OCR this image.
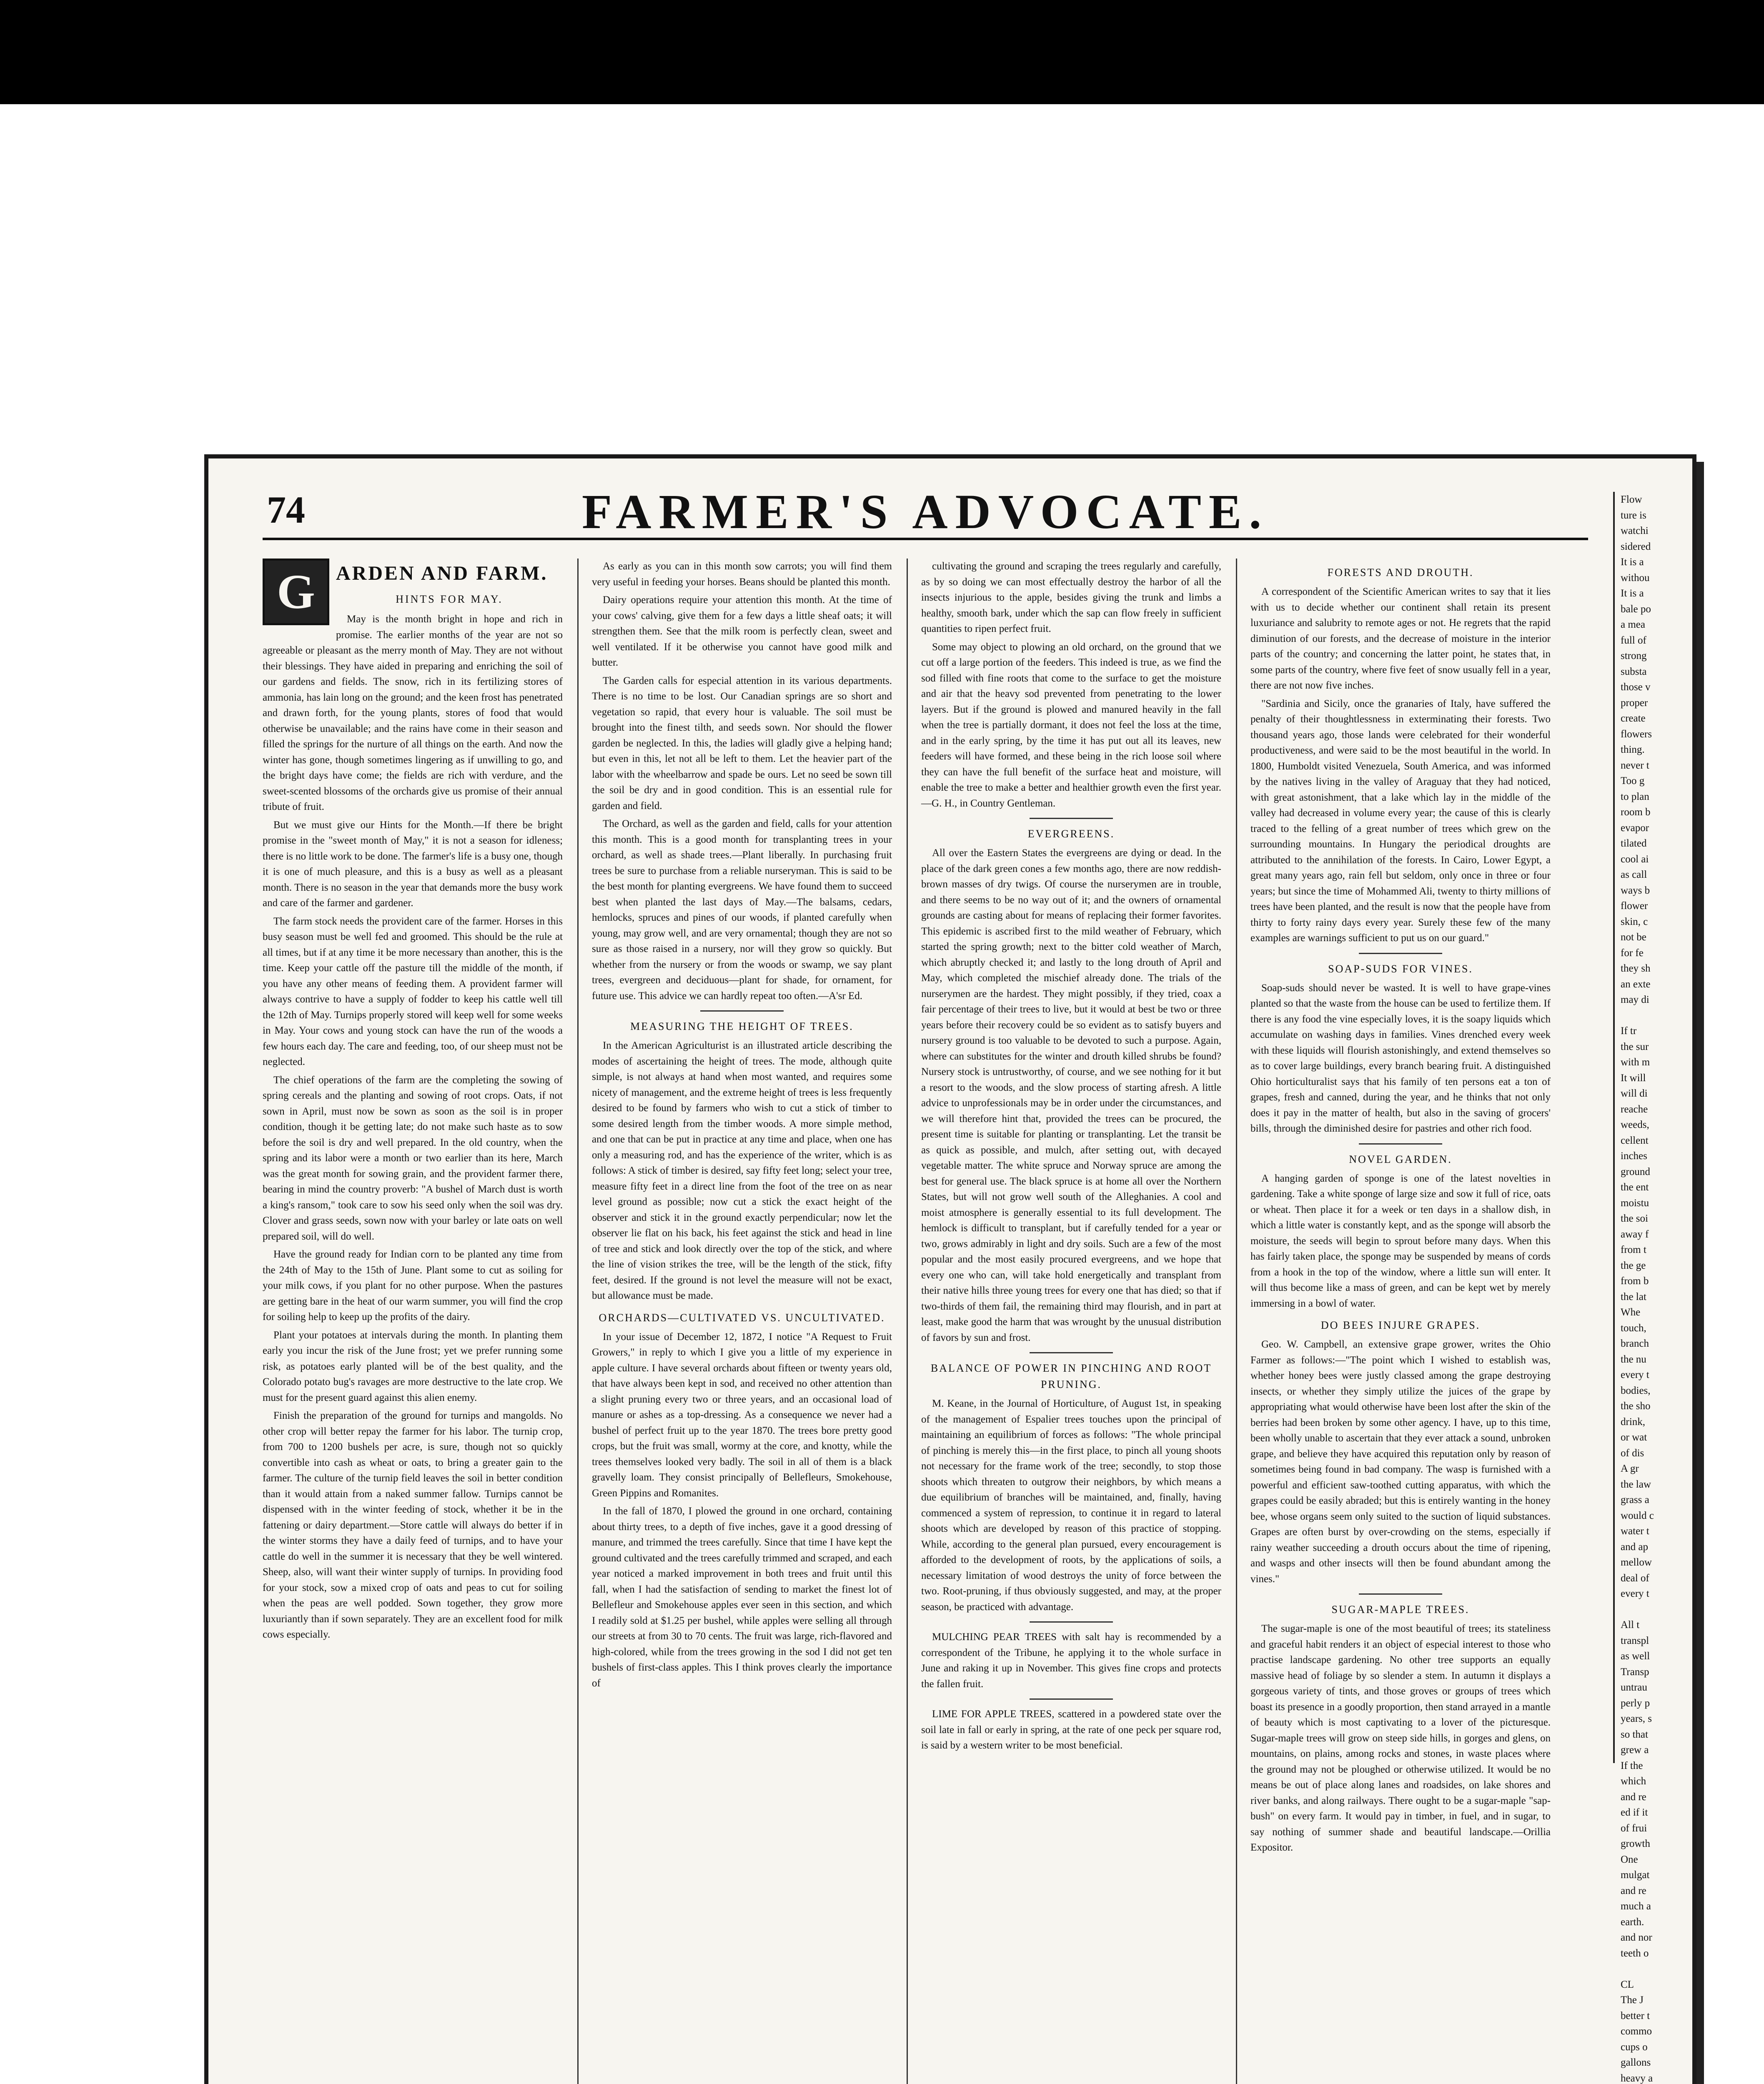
74	FARMER'S ADVOCATE.
G	ARDEN AND FARM.
HINTS FOR MAY.

May is the month bright in hope and rich in promise. The earlier months of the year are not so agreeable or pleasant as the merry month of May. They are not without their blessings. They have aided in preparing and enriching the soil of our gardens and fields. The snow, rich in its fertilizing stores of ammonia, has lain long on the ground; and the keen frost has penetrated and drawn forth, for the young plants, stores of food that would otherwise be unavailable; and the rains have come in their season and filled the springs for the nurture of all things on the earth. And now the winter has gone, though sometimes lingering as if unwilling to go, and the bright days have come; the fields are rich with verdure, and the sweet-scented blossoms of the orchards give us promise of their annual tribute of fruit.

But we must give our Hints for the Month.—If there be bright promise in the "sweet month of May," it is not a season for idleness; there is no little work to be done. The farmer's life is a busy one, though it is one of much pleasure, and this is a busy as well as a pleasant month. There is no season in the year that demands more the busy work and care of the farmer and gardener.

The farm stock needs the provident care of the farmer. Horses in this busy season must be well fed and groomed. This should be the rule at all times, but if at any time it be more necessary than another, this is the time. Keep your cattle off the pasture till the middle of the month, if you have any other means of feeding them. A provident farmer will always contrive to have a supply of fodder to keep his cattle well till the 12th of May. Turnips properly stored will keep well for some weeks in May. Your cows and young stock can have the run of the woods a few hours each day. The care and feeding, too, of our sheep must not be neglected.

The chief operations of the farm are the completing the sowing of spring cereals and the planting and sowing of root crops. Oats, if not sown in April, must now be sown as soon as the soil is in proper condition, though it be getting late; do not make such haste as to sow before the soil is dry and well prepared. In the old country, when the spring and its labor were a month or two earlier than its here, March was the great month for sowing grain, and the provident farmer there, bearing in mind the country proverb: "A bushel of March dust is worth a king's ransom," took care to sow his seed only when the soil was dry. Clover and grass seeds, sown now with your barley or late oats on well prepared soil, will do well.

Have the ground ready for Indian corn to be planted any time from the 24th of May to the 15th of June. Plant some to cut as soiling for your milk cows, if you plant for no other purpose. When the pastures are getting bare in the heat of our warm summer, you will find the crop for soiling help to keep up the profits of the dairy.

Plant your potatoes at intervals during the month. In planting them early you incur the risk of the June frost; yet we prefer running some risk, as potatoes early planted will be of the best quality, and the Colorado potato bug's ravages are more destructive to the late crop. We must for the present guard against this alien enemy.

Finish the preparation of the ground for turnips and mangolds. No other crop will better repay the farmer for his labor. The turnip crop, from 700 to 1200 bushels per acre, is sure, though not so quickly convertible into cash as wheat or oats, to bring a greater gain to the farmer. The culture of the turnip field leaves the soil in better condition than it would attain from a naked summer fallow. Turnips cannot be dispensed with in the winter feeding of stock, whether it be in the fattening or dairy department.—Store cattle will always do better if in the winter storms they have a daily feed of turnips, and to have your cattle do well in the summer it is necessary that they be well wintered. Sheep, also, will want their winter supply of turnips. In providing food for your stock, sow a mixed crop of oats and peas to cut for soiling when the peas are well podded. Sown together, they grow more luxuriantly than if sown separately. They are an excellent food for milk cows especially.

As early as you can in this month sow carrots; you will find them very useful in feeding your horses. Beans should be planted this month.

Dairy operations require your attention this month. At the time of your cows' calving, give them for a few days a little sheaf oats; it will strengthen them. See that the milk room is perfectly clean, sweet and well ventilated. If it be otherwise you cannot have good milk and butter.

The Garden calls for especial attention in its various departments. There is no time to be lost. Our Canadian springs are so short and vegetation so rapid, that every hour is valuable. The soil must be brought into the finest tilth, and seeds sown. Nor should the flower garden be neglected. In this, the ladies will gladly give a helping hand; but even in this, let not all be left to them. Let the heavier part of the labor with the wheelbarrow and spade be ours. Let no seed be sown till the soil be dry and in good condition. This is an essential rule for garden and field.

The Orchard, as well as the garden and field, calls for your attention this month. This is a good month for transplanting trees in your orchard, as well as shade trees.—Plant liberally. In purchasing fruit trees be sure to purchase from a reliable nurseryman. This is said to be the best month for planting evergreens. We have found them to succeed best when planted the last days of May.—The balsams, cedars, hemlocks, spruces and pines of our woods, if planted carefully when young, may grow well, and are very ornamental; though they are not so sure as those raised in a nursery, nor will they grow so quickly. But whether from the nursery or from the woods or swamp, we say plant trees, evergreen and deciduous—plant for shade, for ornament, for future use. This advice we can hardly repeat too often.—A'sr Ed.

MEASURING THE HEIGHT OF TREES.

In the American Agriculturist is an illustrated article describing the modes of ascertaining the height of trees. The mode, although quite simple, is not always at hand when most wanted, and requires some nicety of management, and the extreme height of trees is less frequently desired to be found by farmers who wish to cut a stick of timber to some desired length from the timber woods. A more simple method, and one that can be put in practice at any time and place, when one has only a measuring rod, and has the experience of the writer, which is as follows: A stick of timber is desired, say fifty feet long; select your tree, measure fifty feet in a direct line from the foot of the tree on as near level ground as possible; now cut a stick the exact height of the observer and stick it in the ground exactly perpendicular; now let the observer lie flat on his back, his feet against the stick and head in line of tree and stick and look directly over the top of the stick, and where the line of vision strikes the tree, will be the length of the stick, fifty feet, desired. If the ground is not level the measure will not be exact, but allowance must be made.

ORCHARDS—CULTIVATED VS. UNCULTIVATED.

In your issue of December 12, 1872, I notice "A Request to Fruit Growers," in reply to which I give you a little of my experience in apple culture. I have several orchards about fifteen or twenty years old, that have always been kept in sod, and received no other attention than a slight pruning every two or three years, and an occasional load of manure or ashes as a top-dressing. As a consequence we never had a bushel of perfect fruit up to the year 1870. The trees bore pretty good crops, but the fruit was small, wormy at the core, and knotty, while the trees themselves looked very badly. The soil in all of them is a black gravelly loam. They consist principally of Bellefleurs, Smokehouse, Green Pippins and Romanites.

In the fall of 1870, I plowed the ground in one orchard, containing about thirty trees, to a depth of five inches, gave it a good dressing of manure, and trimmed the trees carefully. Since that time I have kept the ground cultivated and the trees carefully trimmed and scraped, and each year noticed a marked improvement in both trees and fruit until this fall, when I had the satisfaction of sending to market the finest lot of Bellefleur and Smokehouse apples ever seen in this section, and which I readily sold at $1.25 per bushel, while apples were selling all through our streets at from 30 to 70 cents. The fruit was large, rich-flavored and high-colored, while from the trees growing in the sod I did not get ten bushels of first-class apples. This I think proves clearly the importance of

cultivating the ground and scraping the trees regularly and carefully, as by so doing we can most effectually destroy the harbor of all the insects injurious to the apple, besides giving the trunk and limbs a healthy, smooth bark, under which the sap can flow freely in sufficient quantities to ripen perfect fruit.

Some may object to plowing an old orchard, on the ground that we cut off a large portion of the feeders. This indeed is true, as we find the sod filled with fine roots that come to the surface to get the moisture and air that the heavy sod prevented from penetrating to the lower layers. But if the ground is plowed and manured heavily in the fall when the tree is partially dormant, it does not feel the loss at the time, and in the early spring, by the time it has put out all its leaves, new feeders will have formed, and these being in the rich loose soil where they can have the full benefit of the surface heat and moisture, will enable the tree to make a better and healthier growth even the first year.—G. H., in Country Gentleman.

EVERGREENS.

All over the Eastern States the evergreens are dying or dead. In the place of the dark green cones a few months ago, there are now reddish-brown masses of dry twigs. Of course the nurserymen are in trouble, and there seems to be no way out of it; and the owners of ornamental grounds are casting about for means of replacing their former favorites. This epidemic is ascribed first to the mild weather of February, which started the spring growth; next to the bitter cold weather of March, which abruptly checked it; and lastly to the long drouth of April and May, which completed the mischief already done. The trials of the nurserymen are the hardest. They might possibly, if they tried, coax a fair percentage of their trees to live, but it would at best be two or three years before their recovery could be so evident as to satisfy buyers and nursery ground is too valuable to be devoted to such a purpose. Again, where can substitutes for the winter and drouth killed shrubs be found? Nursery stock is untrustworthy, of course, and we see nothing for it but a resort to the woods, and the slow process of starting afresh. A little advice to unprofessionals may be in order under the circumstances, and we will therefore hint that, provided the trees can be procured, the present time is suitable for planting or transplanting. Let the transit be as quick as possible, and mulch, after setting out, with decayed vegetable matter. The white spruce and Norway spruce are among the best for general use. The black spruce is at home all over the Northern States, but will not grow well south of the Alleghanies. A cool and moist atmosphere is generally essential to its full development. The hemlock is difficult to transplant, but if carefully tended for a year or two, grows admirably in light and dry soils. Such are a few of the most popular and the most easily procured evergreens, and we hope that every one who can, will take hold energetically and transplant from their native hills three young trees for every one that has died; so that if two-thirds of them fail, the remaining third may flourish, and in part at least, make good the harm that was wrought by the unusual distribution of favors by sun and frost.

BALANCE OF POWER IN PINCHING AND ROOT PRUNING.

M. Keane, in the Journal of Horticulture, of August 1st, in speaking of the management of Espalier trees touches upon the principal of maintaining an equilibrium of forces as follows: "The whole principal of pinching is merely this—in the first place, to pinch all young shoots not necessary for the frame work of the tree; secondly, to stop those shoots which threaten to outgrow their neighbors, by which means a due equilibrium of branches will be maintained, and, finally, having commenced a system of repression, to continue it in regard to lateral shoots which are developed by reason of this practice of stopping. While, according to the general plan pursued, every encouragement is afforded to the development of roots, by the applications of soils, a necessary limitation of wood destroys the unity of force between the two. Root-pruning, if thus obviously suggested, and may, at the proper season, be practiced with advantage.

MULCHING PEAR TREES with salt hay is recommended by a correspondent of the Tribune, he applying it to the whole surface in June and raking it up in November. This gives fine crops and protects the fallen fruit.

LIME FOR APPLE TREES, scattered in a powdered state over the soil late in fall or early in spring, at the rate of one peck per square rod, is said by a western writer to be most beneficial.

FORESTS AND DROUTH.

A correspondent of the Scientific American writes to say that it lies with us to decide whether our continent shall retain its present luxuriance and salubrity to remote ages or not. He regrets that the rapid diminution of our forests, and the decrease of moisture in the interior parts of the country; and concerning the latter point, he states that, in some parts of the country, where five feet of snow usually fell in a year, there are not now five inches.

"Sardinia and Sicily, once the granaries of Italy, have suffered the penalty of their thoughtlessness in exterminating their forests. Two thousand years ago, those lands were celebrated for their wonderful productiveness, and were said to be the most beautiful in the world. In 1800, Humboldt visited Venezuela, South America, and was informed by the natives living in the valley of Araguay that they had noticed, with great astonishment, that a lake which lay in the middle of the valley had decreased in volume every year; the cause of this is clearly traced to the felling of a great number of trees which grew on the surrounding mountains. In Hungary the periodical droughts are attributed to the annihilation of the forests. In Cairo, Lower Egypt, a great many years ago, rain fell but seldom, only once in three or four years; but since the time of Mohammed Ali, twenty to thirty millions of trees have been planted, and the result is now that the people have from thirty to forty rainy days every year. Surely these few of the many examples are warnings sufficient to put us on our guard."

SOAP-SUDS FOR VINES.

Soap-suds should never be wasted. It is well to have grape-vines planted so that the waste from the house can be used to fertilize them. If there is any food the vine especially loves, it is the soapy liquids which accumulate on washing days in families. Vines drenched every week with these liquids will flourish astonishingly, and extend themselves so as to cover large buildings, every branch bearing fruit. A distinguished Ohio horticulturalist says that his family of ten persons eat a ton of grapes, fresh and canned, during the year, and he thinks that not only does it pay in the matter of health, but also in the saving of grocers' bills, through the diminished desire for pastries and other rich food.

NOVEL GARDEN.

A hanging garden of sponge is one of the latest novelties in gardening. Take a white sponge of large size and sow it full of rice, oats or wheat. Then place it for a week or ten days in a shallow dish, in which a little water is constantly kept, and as the sponge will absorb the moisture, the seeds will begin to sprout before many days. When this has fairly taken place, the sponge may be suspended by means of cords from a hook in the top of the window, where a little sun will enter. It will thus become like a mass of green, and can be kept wet by merely immersing in a bowl of water.

DO BEES INJURE GRAPES.

Geo. W. Campbell, an extensive grape grower, writes the Ohio Farmer as follows:—"The point which I wished to establish was, whether honey bees were justly classed among the grape destroying insects, or whether they simply utilize the juices of the grape by appropriating what would otherwise have been lost after the skin of the berries had been broken by some other agency. I have, up to this time, been wholly unable to ascertain that they ever attack a sound, unbroken grape, and believe they have acquired this reputation only by reason of sometimes being found in bad company. The wasp is furnished with a powerful and efficient saw-toothed cutting apparatus, with which the grapes could be easily abraded; but this is entirely wanting in the honey bee, whose organs seem only suited to the suction of liquid substances. Grapes are often burst by over-crowding on the stems, especially if rainy weather succeeding a drouth occurs about the time of ripening, and wasps and other insects will then be found abundant among the vines."

SUGAR-MAPLE TREES.

The sugar-maple is one of the most beautiful of trees; its stateliness and graceful habit renders it an object of especial interest to those who practise landscape gardening. No other tree supports an equally massive head of foliage by so slender a stem. In autumn it displays a gorgeous variety of tints, and those groves or groups of trees which boast its presence in a goodly proportion, then stand arrayed in a mantle of beauty which is most captivating to a lover of the picturesque. Sugar-maple trees will grow on steep side hills, in gorges and glens, on mountains, on plains, among rocks and stones, in waste places where the ground may not be ploughed or otherwise utilized. It would be no means be out of place along lanes and roadsides, on lake shores and river banks, and along railways. There ought to be a sugar-maple "sap-bush" on every farm. It would pay in timber, in fuel, and in sugar, to say nothing of summer shade and beautiful landscape.—Orillia Expositor.

Flow
ture is
watchi
sidered
It is a
withou
It is a
bale po
a mea
full of
strong
substa
those v
proper
create
flowers
thing.
never t
Too g
to plan
room b
evapor
tilated
cool ai
as call
ways b
flower
skin, c
not be
for fe
they sh
an exte
may di

If tr
the sur
with m
It will
will di
reache
weeds,
cellent
inches
ground
the ent
moistu
the soi
away f
from t
the ge
from b
the lat
Whe
touch,
branch
the nu
every t
bodies,
the sho
drink,
or wat
of dis
A gr
the law
grass a
would c
water t
and ap
mellow
deal of
every t

All t
transpl
as well
Transp
untrau
perly p
years, s
so that
grew a
If the
which
and re
ed if it
of frui
growth
One
mulgat
and re
much a
earth.
and nor
teeth o

CL
The J
better t
commo
cups o
gallons
heavy a
